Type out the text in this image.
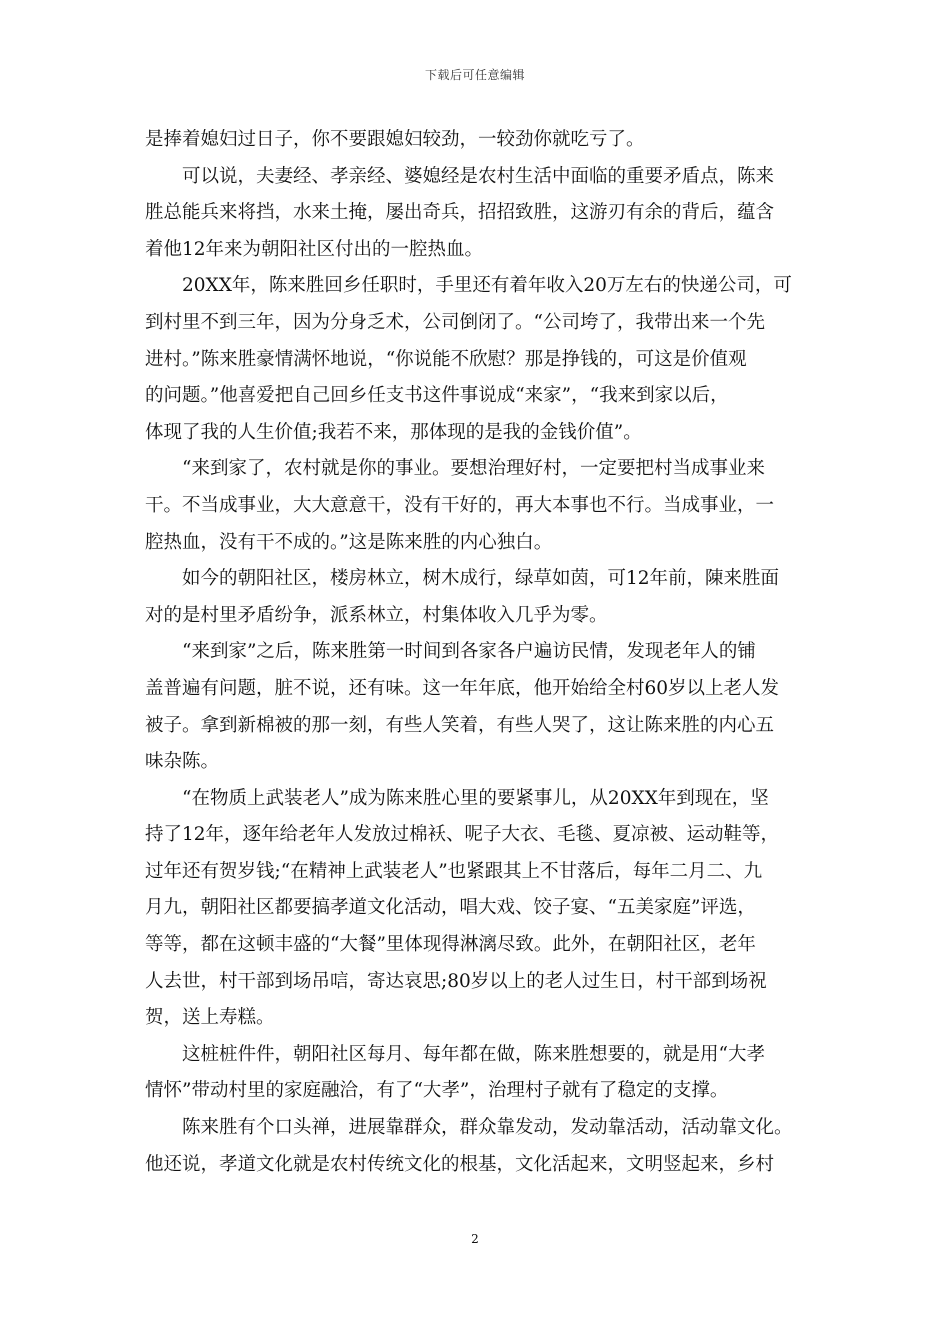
下载后可任意编辑
是捧着媳妇过日子，你不要跟媳妇较劲，一较劲你就吃亏了。
可以说，夫妻经、孝亲经、婆媳经是农村生活中面临的重要矛盾点，陈来
胜总能兵来将挡，水来土掩，屡出奇兵，招招致胜，这游刃有余的背后，蕴含
着他12年来为朝阳社区付出的一腔热血。
20XX年，陈来胜回乡任职时，手里还有着年收入20万左右的快递公司，可
到村里不到三年，因为分身乏术，公司倒闭了。“公司垮了，我带出来一个先
进村。”陈来胜豪情满怀地说，“你说能不欣慰？那是挣钱的，可这是价值观
的问题。”他喜爱把自己回乡任支书这件事说成“来家”，“我来到家以后，
体现了我的人生价值;我若不来，那体现的是我的金钱价值”。
“来到家了，农村就是你的事业。要想治理好村，一定要把村当成事业来
干。不当成事业，大大意意干，没有干好的，再大本事也不行。当成事业，一
腔热血，没有干不成的。”这是陈来胜的内心独白。
如今的朝阳社区，楼房林立，树木成行，绿草如茵，可12年前，陳来胜面
对的是村里矛盾纷争，派系林立，村集体收入几乎为零。
“来到家”之后，陈来胜第一时间到各家各户遍访民情，发现老年人的铺
盖普遍有问题，脏不说，还有味。这一年年底，他开始给全村60岁以上老人发
被子。拿到新棉被的那一刻，有些人笑着，有些人哭了，这让陈来胜的内心五
味杂陈。
“在物质上武装老人”成为陈来胜心里的要紧事儿，从20XX年到现在，坚
持了12年，逐年给老年人发放过棉袄、呢子大衣、毛毯、夏凉被、运动鞋等，
过年还有贺岁钱;“在精神上武装老人”也紧跟其上不甘落后，每年二月二、九
月九，朝阳社区都要搞孝道文化活动，唱大戏、饺子宴、“五美家庭”评选，
等等，都在这顿丰盛的“大餐”里体现得淋漓尽致。此外，在朝阳社区，老年
人去世，村干部到场吊唁，寄达哀思;80岁以上的老人过生日，村干部到场祝
贺，送上寿糕。
这桩桩件件，朝阳社区每月、每年都在做，陈来胜想要的，就是用“大孝
情怀”带动村里的家庭融洽，有了“大孝”，治理村子就有了稳定的支撑。
陈来胜有个口头禅，进展靠群众，群众靠发动，发动靠活动，活动靠文化。
他还说，孝道文化就是农村传统文化的根基，文化活起来，文明竖起来，乡村
2
